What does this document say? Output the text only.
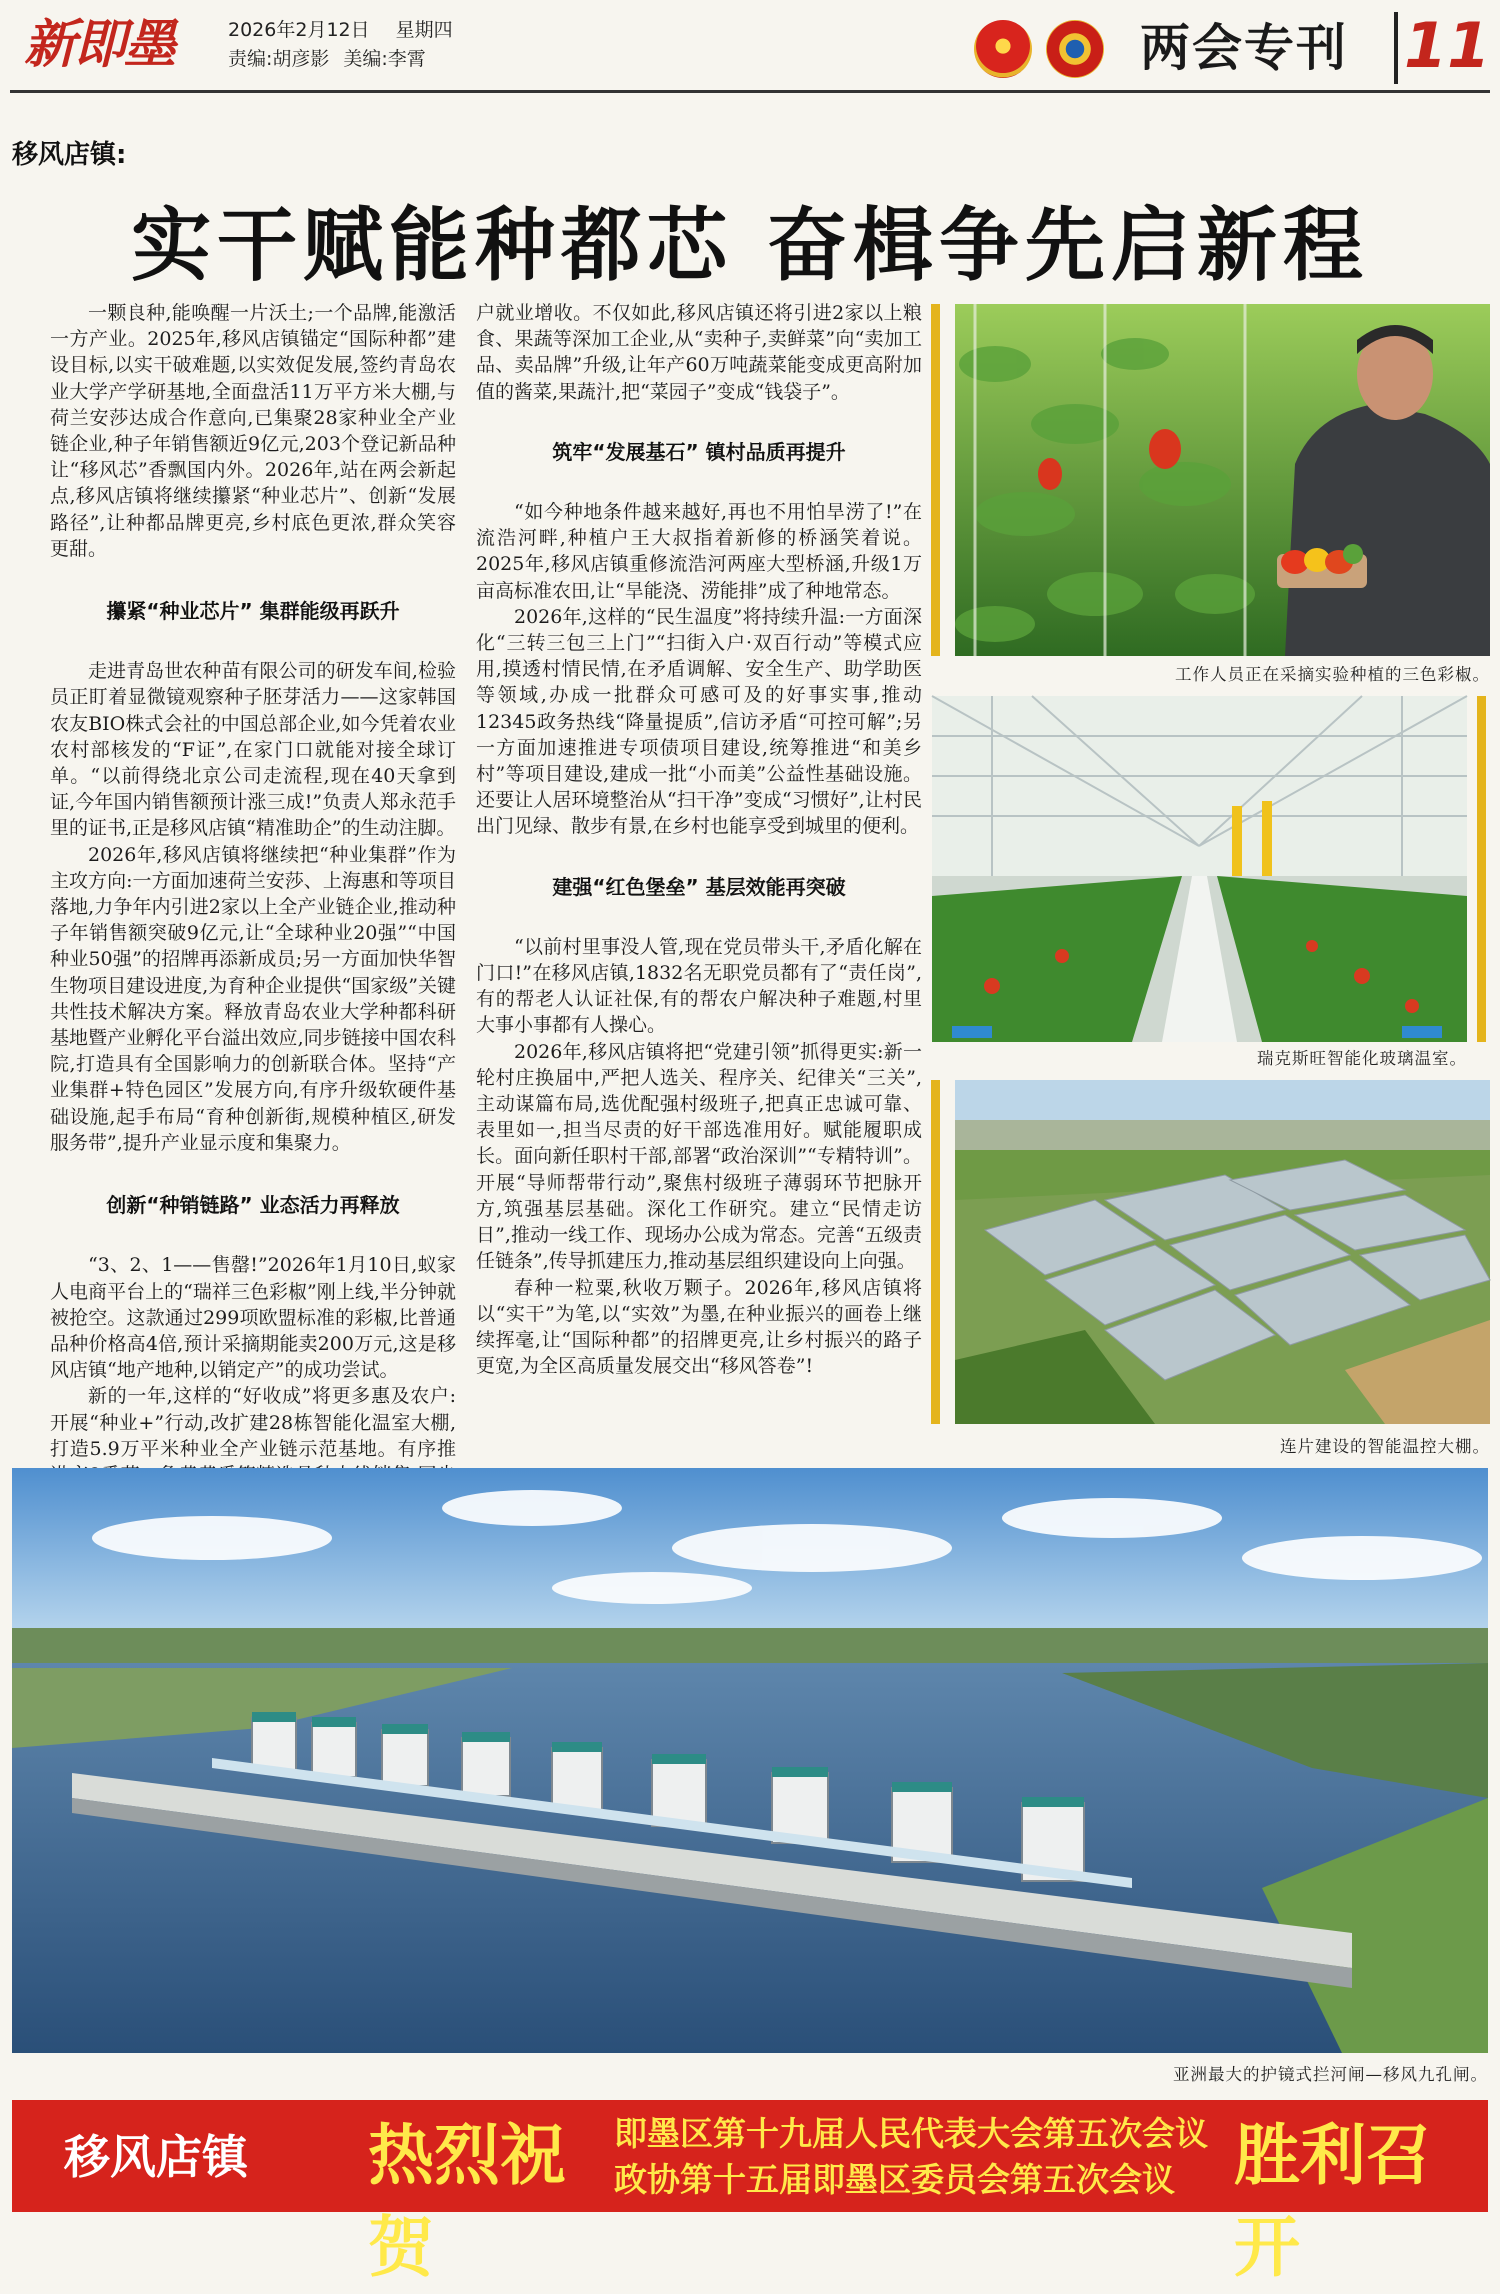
新即墨	2026年2月12日 星期四
责编:胡彦影 美编:李霄	两会专刊 11
移风店镇:
实干赋能种都芯 奋楫争先启新程

一颗良种,能唤醒一片沃土;一个品牌,能激活一方产业。2025年,移风店镇锚定“国际种都”建设目标,以实干破难题,以实效促发展,签约青岛农业大学产学研基地,全面盘活11万平方米大棚,与荷兰安莎达成合作意向,已集聚28家种业全产业链企业,种子年销售额近9亿元,203个登记新品种让“移风芯”香飘国内外。2026年,站在两会新起点,移风店镇将继续攥紧“种业芯片”、创新“发展路径”,让种都品牌更亮,乡村底色更浓,群众笑容更甜。

攥紧“种业芯片” 集群能级再跃升

走进青岛世农种苗有限公司的研发车间,检验员正盯着显微镜观察种子胚芽活力——这家韩国农友BIO株式会社的中国总部企业,如今凭着农业农村部核发的“F证”,在家门口就能对接全球订单。“以前得绕北京公司走流程,现在40天拿到证,今年国内销售额预计涨三成!”负责人郑永范手里的证书,正是移风店镇“精准助企”的生动注脚。

2026年,移风店镇将继续把“种业集群”作为主攻方向:一方面加速荷兰安莎、上海惠和等项目落地,力争年内引进2家以上全产业链企业,推动种子年销售额突破9亿元,让“全球种业20强”“中国种业50强”的招牌再添新成员;另一方面加快华智生物项目建设进度,为育种企业提供“国家级”关键共性技术解决方案。释放青岛农业大学种都科研基地暨产业孵化平台溢出效应,同步链接中国农科院,打造具有全国影响力的创新联合体。坚持“产业集群+特色园区”发展方向,有序升级软硬件基础设施,起手布局“育种创新街,规模种植区,研发服务带”,提升产业显示度和集聚力。

创新“种销链路” 业态活力再释放

“3、2、1——售罄!”2026年1月10日,蚁家人电商平台上的“瑞祥三色彩椒”刚上线,半分钟就被抢空。这款通过299项欧盟标准的彩椒,比普通品种价格高4倍,预计采摘期能卖200万元,这是移风店镇“地产地种,以销定产”的成功尝试。

新的一年,这样的“好收成”将更多惠及农户:开展“种业+”行动,改扩建28栋智能化温室大棚,打造5.9万平米种业全产业链示范基地。有序推

户就业增收。不仅如此,移风店镇还将引进2家以上粮食、果蔬等深加工企业,从“卖种子,卖鲜菜”向“卖加工品、卖品牌”升级,让年产60万吨蔬菜能变成更高附加值的酱菜,果蔬汁,把“菜园子”变成“钱袋子”。

筑牢“发展基石” 镇村品质再提升

“如今种地条件越来越好,再也不用怕旱涝了!”在流浩河畔,种植户王大叔指着新修的桥涵笑着说。2025年,移风店镇重修流浩河两座大型桥涵,升级1万亩高标准农田,让“旱能浇、涝能排”成了种地常态。

2026年,这样的“民生温度”将持续升温:一方面深化“三转三包三上门”“扫街入户·双百行动”等模式应用,摸透村情民情,在矛盾调解、安全生产、助学助医等领域,办成一批群众可感可及的好事实事,推动12345政务热线“降量提质”,信访矛盾“可控可解”;另一方面加速推进专项债项目建设,统筹推进“和美乡村”等项目建设,建成一批“小而美”公益性基础设施。还要让人居环境整治从“扫干净”变成“习惯好”,让村民出门见绿、散步有景,在乡村也能享受到城里的便利。

建强“红色堡垒” 基层效能再突破

“以前村里事没人管,现在党员带头干,矛盾化解在门口!”在移风店镇,1832名无职党员都有了“责任岗”,有的帮老人认证社保,有的帮农户解决种子难题,村里大事小事都有人操心。

2026年,移风店镇将把“党建引领”抓得更实:新一轮村庄换届中,严把人选关、程序关、纪律关“三关”,主动谋篇布局,选优配强村级班子,把真正忠诚可靠、表里如一,担当尽责的好干部选准用好。赋能履职成长。面向新任职村干部,部署“政治深训”“专精特训”。开展“导师帮带行动”,聚焦村级班子薄弱环节把脉开方,筑强基层基础。深化工作研究。建立“民情走访日”,推动一线工作、现场办公成为常态。完善“五级责任链条”,传导抓建压力,推动基层组织建设向上向强。

春种一粒粟,秋收万颗子。2026年,移风店镇将以“实干”为笔,以“实效”为墨,在种业振兴的画卷上继续挥毫,让“国际种都”的招牌更亮,让乡村振兴的路子更宽,为全区高质量发展交出“移风答卷”!

工作人员正在采摘实验种植的三色彩椒。
瑞克斯旺智能化玻璃温室。
连片建设的智能温控大棚。
亚洲最大的护镜式拦河闸—移风九孔闸。
移风店镇 热烈祝贺
即墨区第十九届人民代表大会第五次会议
政协第十五届即墨区委员会第五次会议 胜利召开
